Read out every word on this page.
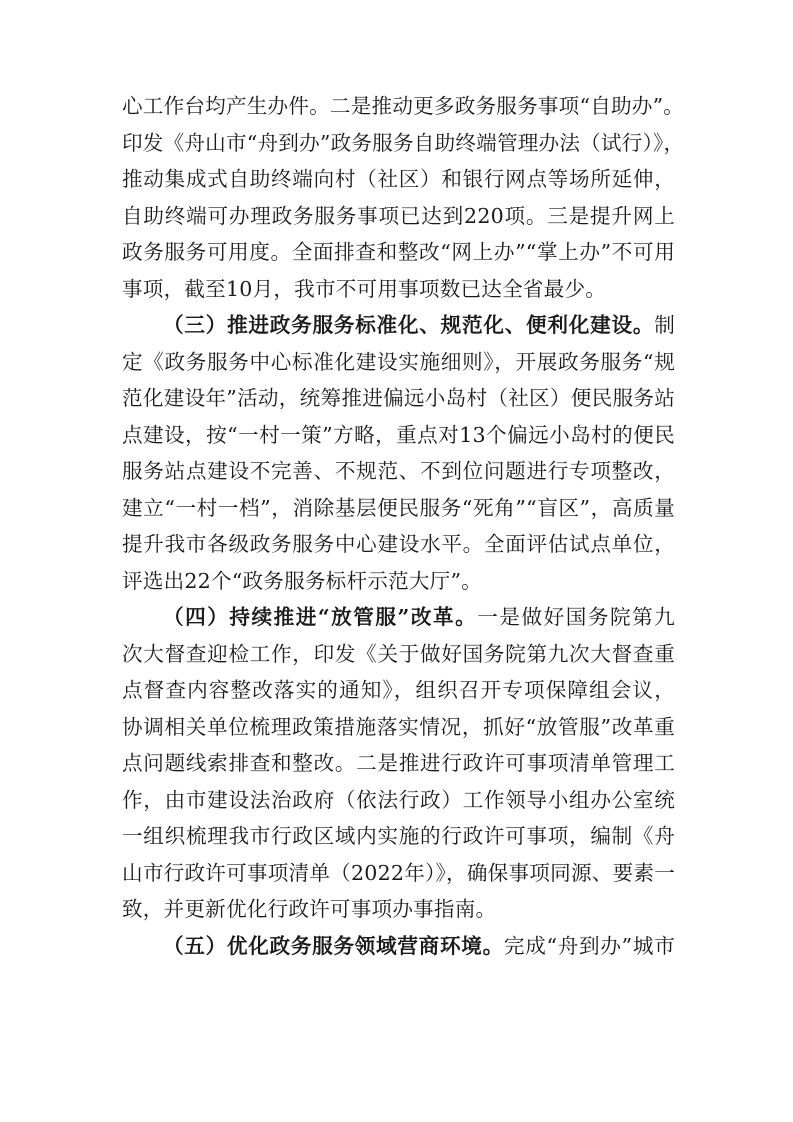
心工作台均产生办件。二是推动更多政务服务事项“自助办”。
印发《舟山市“舟到办”政务服务自助终端管理办法（试行）》，
推动集成式自助终端向村（社区）和银行网点等场所延伸，
自助终端可办理政务服务事项已达到220项。三是提升网上
政务服务可用度。全面排查和整改“网上办”“掌上办”不可用
事项，截至10月，我市不可用事项数已达全省最少。
（三）推进政务服务标准化、规范化、便利化建设。制
定《政务服务中心标准化建设实施细则》，开展政务服务“规
范化建设年”活动，统筹推进偏远小岛村（社区）便民服务站
点建设，按“一村一策”方略，重点对13个偏远小岛村的便民
服务站点建设不完善、不规范、不到位问题进行专项整改，
建立“一村一档”，消除基层便民服务“死角”“盲区”，高质量
提升我市各级政务服务中心建设水平。全面评估试点单位，
评选出22个“政务服务标杆示范大厅”。
（四）持续推进“放管服”改革。一是做好国务院第九
次大督查迎检工作，印发《关于做好国务院第九次大督查重
点督查内容整改落实的通知》，组织召开专项保障组会议，
协调相关单位梳理政策措施落实情况，抓好“放管服”改革重
点问题线索排查和整改。二是推进行政许可事项清单管理工
作，由市建设法治政府（依法行政）工作领导小组办公室统
一组织梳理我市行政区域内实施的行政许可事项，编制《舟
山市行政许可事项清单（2022年）》，确保事项同源、要素一
致，并更新优化行政许可事项办事指南。
（五）优化政务服务领域营商环境。完成“舟到办”城市
